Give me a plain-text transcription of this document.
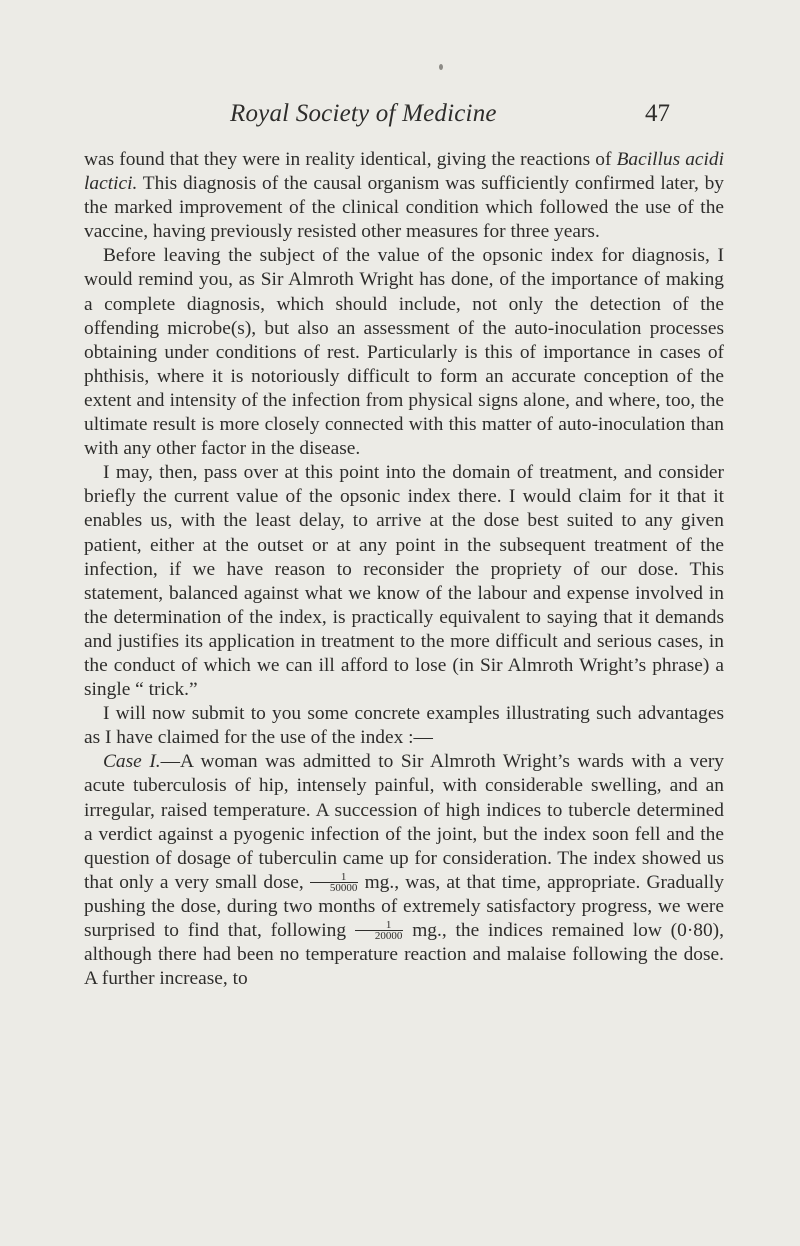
Royal Society of Medicine	47

was found that they were in reality identical, giving the reactions of Bacillus acidi lactici. This diagnosis of the causal organism was sufficiently confirmed later, by the marked improvement of the clinical condition which followed the use of the vaccine, having previously resisted other measures for three years.

Before leaving the subject of the value of the opsonic index for diagnosis, I would remind you, as Sir Almroth Wright has done, of the importance of making a complete diagnosis, which should include, not only the detection of the offending microbe(s), but also an assessment of the auto-inoculation processes obtaining under conditions of rest. Particularly is this of importance in cases of phthisis, where it is notoriously difficult to form an accurate conception of the extent and intensity of the infection from physical signs alone, and where, too, the ultimate result is more closely connected with this matter of auto-inoculation than with any other factor in the disease.

I may, then, pass over at this point into the domain of treatment, and consider briefly the current value of the opsonic index there. I would claim for it that it enables us, with the least delay, to arrive at the dose best suited to any given patient, either at the outset or at any point in the subsequent treatment of the infection, if we have reason to reconsider the propriety of our dose. This statement, balanced against what we know of the labour and expense involved in the determination of the index, is practically equivalent to saying that it demands and justifies its application in treatment to the more difficult and serious cases, in the conduct of which we can ill afford to lose (in Sir Almroth Wright’s phrase) a single “ trick.”

I will now submit to you some concrete examples illustrating such advantages as I have claimed for the use of the index :—

Case I.—A woman was admitted to Sir Almroth Wright’s wards with a very acute tuberculosis of hip, intensely painful, with considerable swelling, and an irregular, raised temperature. A succession of high indices to tubercle determined a verdict against a pyogenic infection of the joint, but the index soon fell and the question of dosage of tuberculin came up for consideration. The index showed us that only a very small dose, $\frac{1}{50000}$ mg., was, at that time, appropriate. Gradually pushing the dose, during two months of extremely satisfactory progress, we were surprised to find that, following $\frac{1}{20000}$ mg., the indices remained low (0·80), although there had been no temperature reaction and malaise following the dose. A further increase, to
